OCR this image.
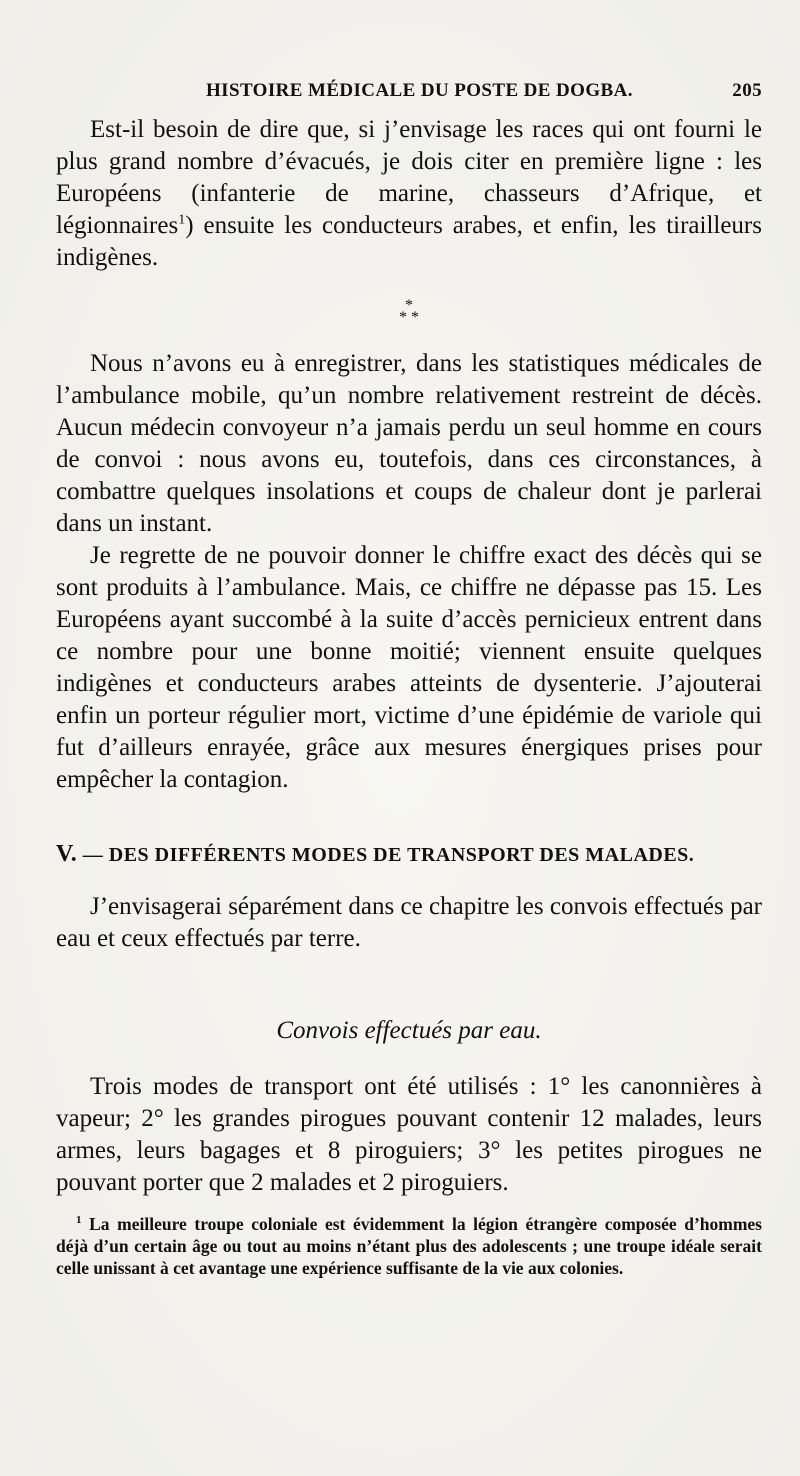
HISTOIRE MÉDICALE DU POSTE DE DOGBA.	205

Est-il besoin de dire que, si j’envisage les races qui ont fourni le plus grand nombre d’évacués, je dois citer en première ligne : les Européens (infanterie de marine, chasseurs d’Afrique, et légionnaires$^1$) ensuite les conducteurs arabes, et enfin, les tirailleurs indigènes.

*
* *

Nous n’avons eu à enregistrer, dans les statistiques médicales de l’ambulance mobile, qu’un nombre relativement restreint de décès. Aucun médecin convoyeur n’a jamais perdu un seul homme en cours de convoi : nous avons eu, toutefois, dans ces circonstances, à combattre quelques insolations et coups de chaleur dont je parlerai dans un instant.

Je regrette de ne pouvoir donner le chiffre exact des décès qui se sont produits à l’ambulance. Mais, ce chiffre ne dépasse pas 15. Les Européens ayant succombé à la suite d’accès pernicieux entrent dans ce nombre pour une bonne moitié; viennent ensuite quelques indigènes et conducteurs arabes atteints de dysenterie. J’ajouterai enfin un porteur régulier mort, victime d’une épidémie de variole qui fut d’ailleurs enrayée, grâce aux mesures énergiques prises pour empêcher la contagion.

V. — DES DIFFÉRENTS MODES DE TRANSPORT DES MALADES.

J’envisagerai séparément dans ce chapitre les convois effectués par eau et ceux effectués par terre.

Convois effectués par eau.

Trois modes de transport ont été utilisés : 1° les canonnières à vapeur; 2° les grandes pirogues pouvant contenir 12 malades, leurs armes, leurs bagages et 8 piroguiers; 3° les petites pirogues ne pouvant porter que 2 malades et 2 piroguiers.

$^1$ La meilleure troupe coloniale est évidemment la légion étrangère composée d’hommes déjà d’un certain âge ou tout au moins n’étant plus des adolescents ; une troupe idéale serait celle unissant à cet avantage une expérience suffisante de la vie aux colonies.
